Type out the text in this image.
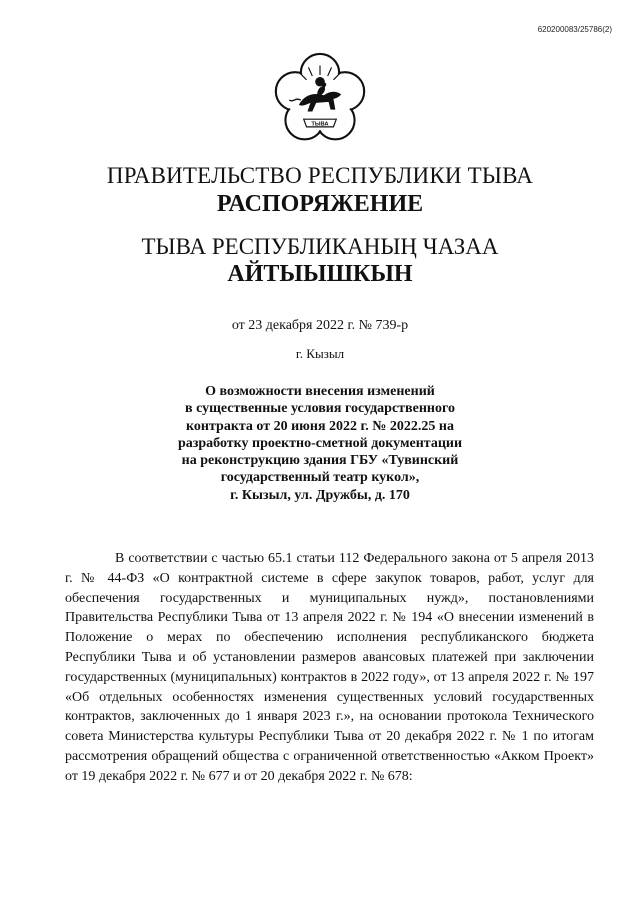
620200083/25786(2)
ТЫВА
ПРАВИТЕЛЬСТВО РЕСПУБЛИКИ ТЫВА
РАСПОРЯЖЕНИЕ
ТЫВА РЕСПУБЛИКАНЫҢ ЧАЗАА
АЙТЫЫШКЫН
от 23 декабря 2022 г. № 739-р
г. Кызыл
О возможности внесения изменений
в существенные условия государственного
контракта от 20 июня 2022 г. № 2022.25 на
разработку проектно-сметной документации
на реконструкцию здания ГБУ «Тувинский
государственный театр кукол»,
г. Кызыл, ул. Дружбы, д. 170

В соответствии с частью 65.1 статьи 112 Федерального закона от 5 апреля 2013 г. № 44-ФЗ «О контрактной системе в сфере закупок товаров, работ, услуг для обеспечения государственных и муниципальных нужд», постановлениями Правительства Республики Тыва от 13 апреля 2022 г. № 194 «О внесении изменений в Положение о мерах по обеспечению исполнения республиканского бюджета Республики Тыва и об установлении размеров авансовых платежей при заключении государственных (муниципальных) контрактов в 2022 году», от 13 апреля 2022 г. № 197 «Об отдельных особенностях изменения существенных условий государственных контрактов, заключенных до 1 января 2023 г.», на основании протокола Технического совета Министерства культуры Республики Тыва от 20 декабря 2022 г. № 1 по итогам рассмотрения обращений общества с ограниченной ответственностью «Акком Проект» от 19 декабря 2022 г. № 677 и от 20 декабря 2022 г. № 678:
